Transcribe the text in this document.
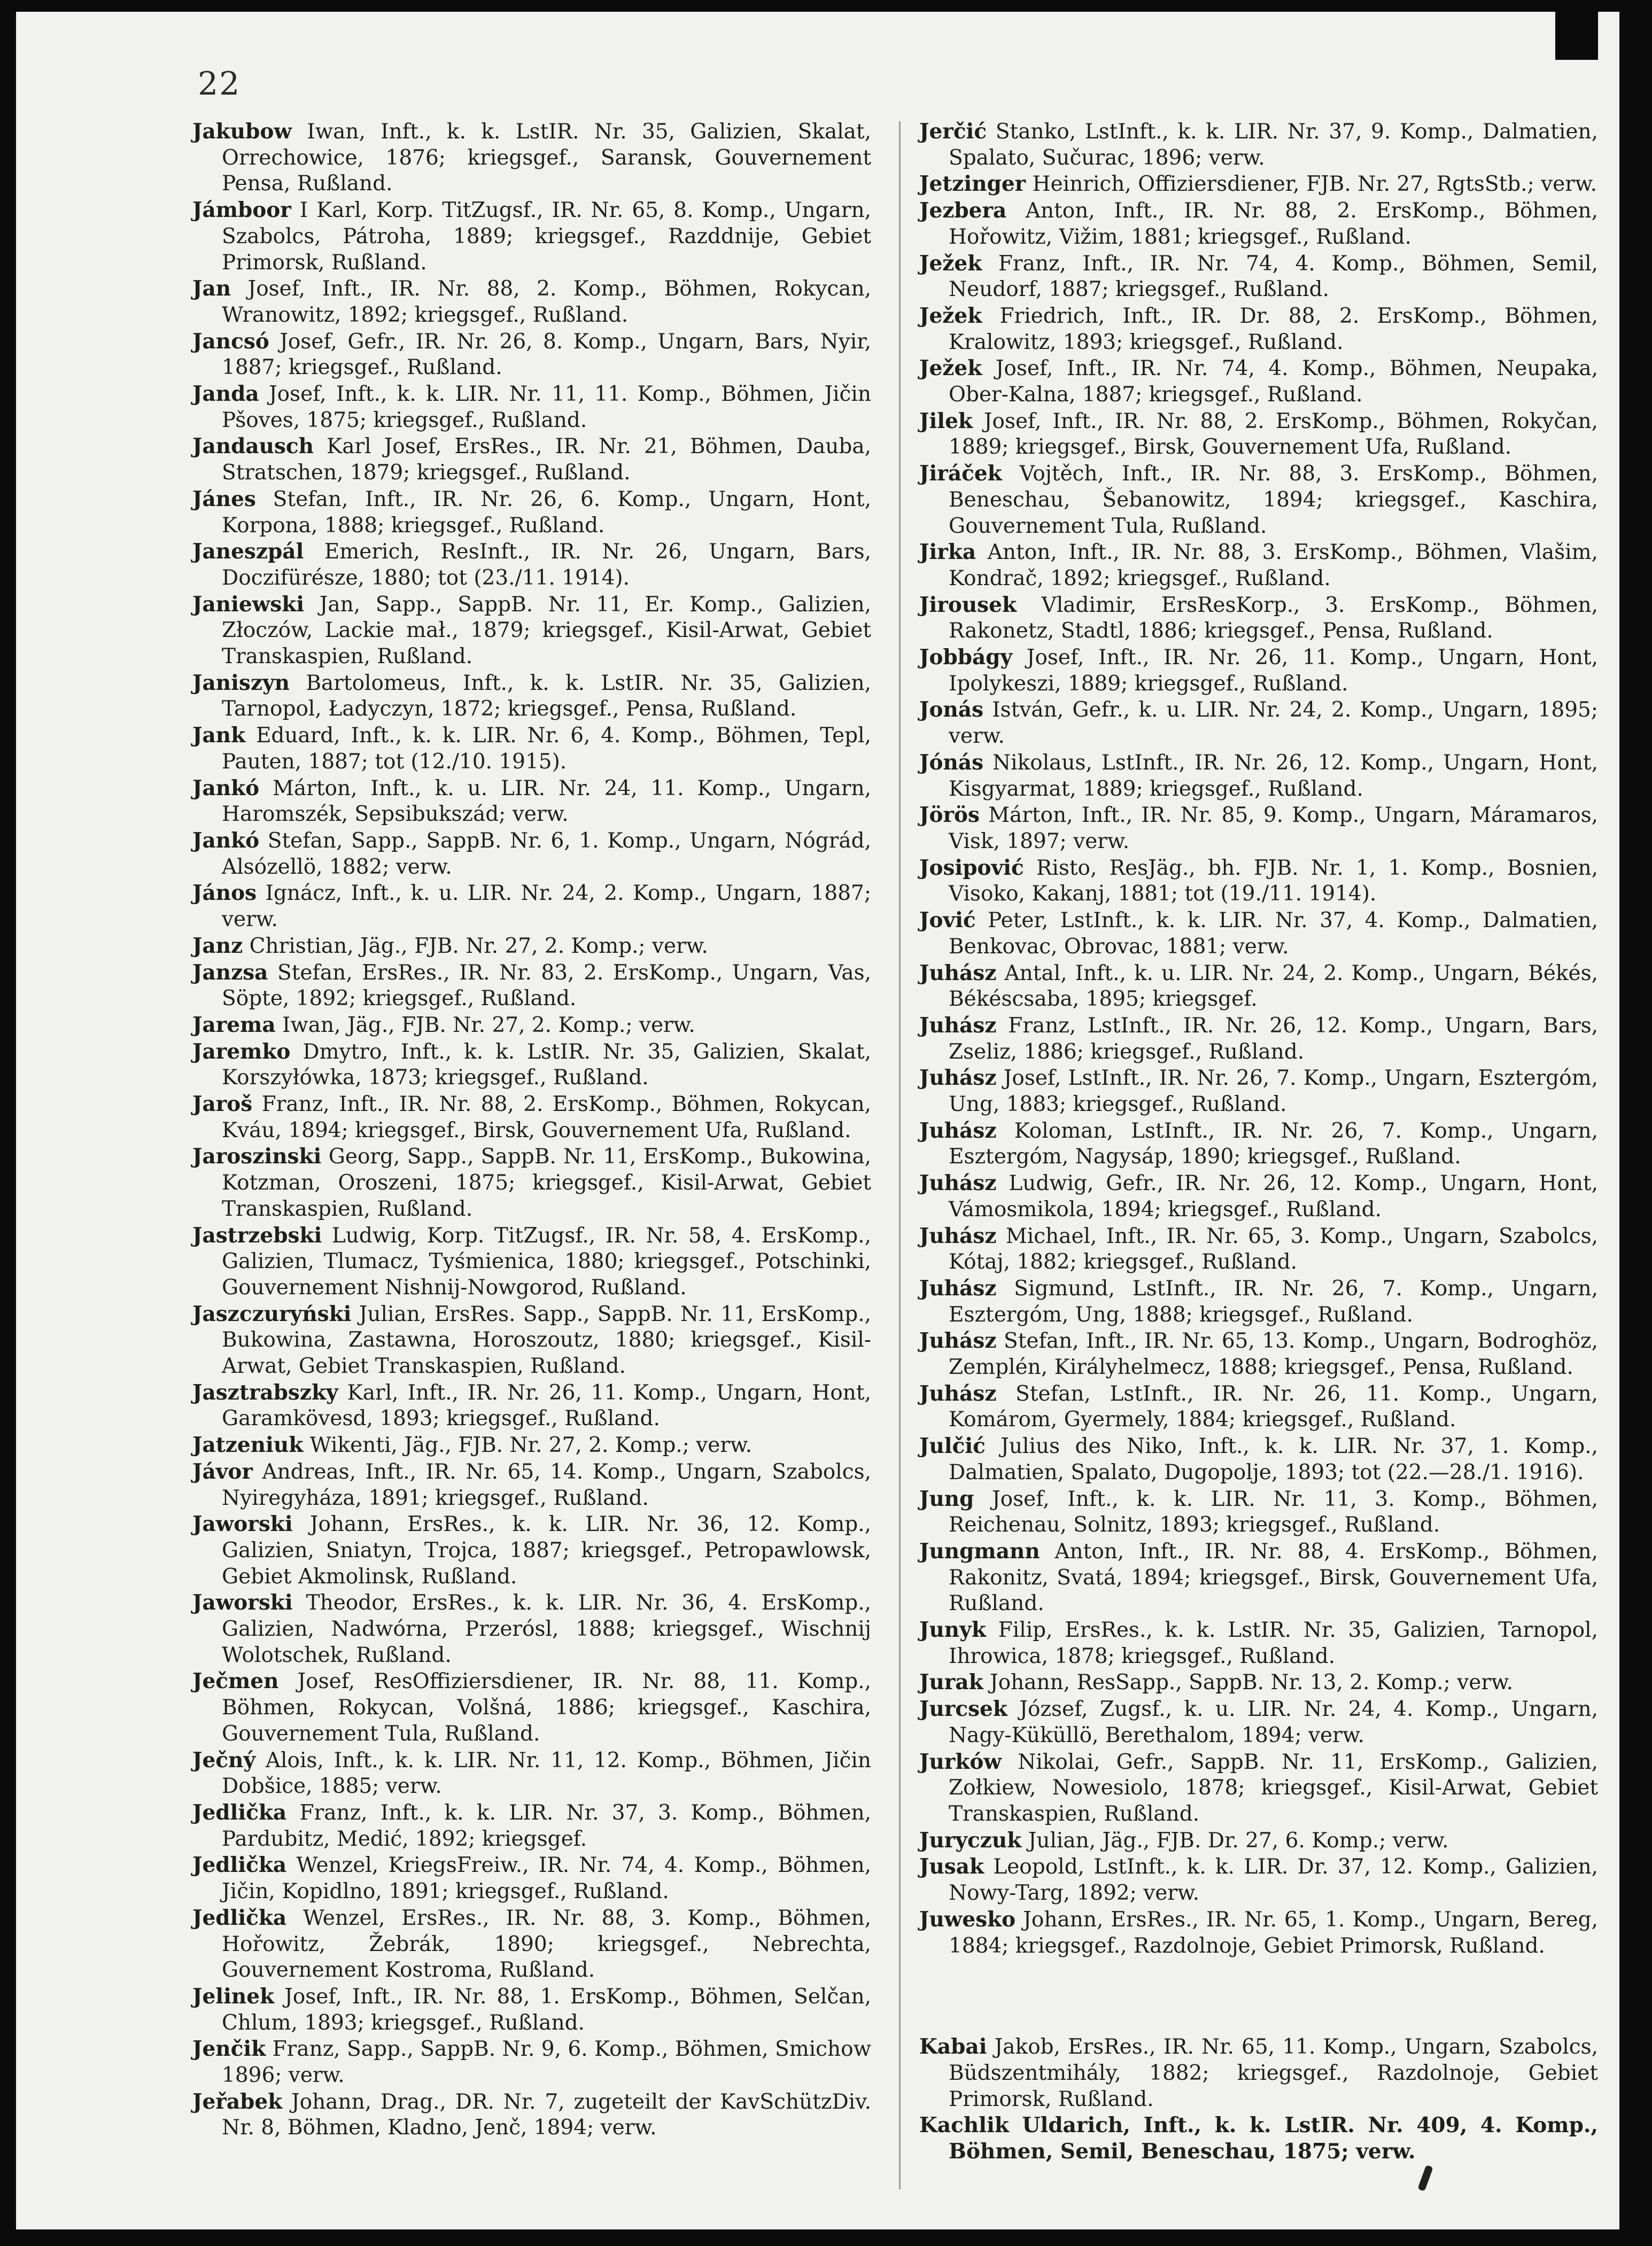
22
Jakubow Iwan, Inft., k. k. LstIR. Nr. 35, Galizien, Skalat, Orrechowice, 1876; kriegsgef., Saransk, Gouvernement Pensa, Rußland.
Jámboor I Karl, Korp. TitZugsf., IR. Nr. 65, 8. Komp., Ungarn, Szabolcs, Pátroha, 1889; kriegsgef., Razddnije, Gebiet Primorsk, Rußland.
Jan Josef, Inft., IR. Nr. 88, 2. Komp., Böhmen, Rokycan, Wranowitz, 1892; kriegsgef., Rußland.
Jancsó Josef, Gefr., IR. Nr. 26, 8. Komp., Ungarn, Bars, Nyir, 1887; kriegsgef., Rußland.
Janda Josef, Inft., k. k. LIR. Nr. 11, 11. Komp., Böhmen, Jičin Pšoves, 1875; kriegsgef., Rußland.
Jandausch Karl Josef, ErsRes., IR. Nr. 21, Böhmen, Dauba, Stratschen, 1879; kriegsgef., Rußland.
Jánes Stefan, Inft., IR. Nr. 26, 6. Komp., Ungarn, Hont, Korpona, 1888; kriegsgef., Rußland.
Janeszpál Emerich, ResInft., IR. Nr. 26, Ungarn, Bars, Doczifürésze, 1880; tot (23./11. 1914).
Janiewski Jan, Sapp., SappB. Nr. 11, Er. Komp., Galizien, Złoczów, Lackie mał., 1879; kriegsgef., Kisil-Arwat, Gebiet Transkaspien, Rußland.
Janiszyn Bartolomeus, Inft., k. k. LstIR. Nr. 35, Galizien, Tarnopol, Ładyczyn, 1872; kriegsgef., Pensa, Rußland.
Jank Eduard, Inft., k. k. LIR. Nr. 6, 4. Komp., Böhmen, Tepl, Pauten, 1887; tot (12./10. 1915).
Jankó Márton, Inft., k. u. LIR. Nr. 24, 11. Komp., Ungarn, Haromszék, Sepsibukszád; verw.
Jankó Stefan, Sapp., SappB. Nr. 6, 1. Komp., Ungarn, Nógrád, Alsózellö, 1882; verw.
János Ignácz, Inft., k. u. LIR. Nr. 24, 2. Komp., Ungarn, 1887; verw.
Janz Christian, Jäg., FJB. Nr. 27, 2. Komp.; verw.
Janzsa Stefan, ErsRes., IR. Nr. 83, 2. ErsKomp., Ungarn, Vas, Söpte, 1892; kriegsgef., Rußland.
Jarema Iwan, Jäg., FJB. Nr. 27, 2. Komp.; verw.
Jaremko Dmytro, Inft., k. k. LstIR. Nr. 35, Galizien, Skalat, Korszyłówka, 1873; kriegsgef., Rußland.
Jaroš Franz, Inft., IR. Nr. 88, 2. ErsKomp., Böhmen, Rokycan, Kváu, 1894; kriegsgef., Birsk, Gouvernement Ufa, Rußland.
Jaroszinski Georg, Sapp., SappB. Nr. 11, ErsKomp., Bukowina, Kotzman, Oroszeni, 1875; kriegsgef., Kisil-Arwat, Gebiet Transkaspien, Rußland.
Jastrzebski Ludwig, Korp. TitZugsf., IR. Nr. 58, 4. ErsKomp., Galizien, Tlumacz, Tyśmienica, 1880; kriegsgef., Potschinki, Gouvernement Nishnij-Nowgorod, Rußland.
Jaszczuryński Julian, ErsRes. Sapp., SappB. Nr. 11, ErsKomp., Bukowina, Zastawna, Horoszoutz, 1880; kriegsgef., Kisil-Arwat, Gebiet Transkaspien, Rußland.
Jasztrabszky Karl, Inft., IR. Nr. 26, 11. Komp., Ungarn, Hont, Garamkövesd, 1893; kriegsgef., Rußland.
Jatzeniuk Wikenti, Jäg., FJB. Nr. 27, 2. Komp.; verw.
Jávor Andreas, Inft., IR. Nr. 65, 14. Komp., Ungarn, Szabolcs, Nyiregyháza, 1891; kriegsgef., Rußland.
Jaworski Johann, ErsRes., k. k. LIR. Nr. 36, 12. Komp., Galizien, Sniatyn, Trojca, 1887; kriegsgef., Petropawlowsk, Gebiet Akmolinsk, Rußland.
Jaworski Theodor, ErsRes., k. k. LIR. Nr. 36, 4. ErsKomp., Galizien, Nadwórna, Przerósl, 1888; kriegsgef., Wischnij Wolotschek, Rußland.
Ječmen Josef, ResOffiziersdiener, IR. Nr. 88, 11. Komp., Böhmen, Rokycan, Volšná, 1886; kriegsgef., Kaschira, Gouvernement Tula, Rußland.
Ječný Alois, Inft., k. k. LIR. Nr. 11, 12. Komp., Böhmen, Jičin Dobšice, 1885; verw.
Jedlička Franz, Inft., k. k. LIR. Nr. 37, 3. Komp., Böhmen, Pardubitz, Medić, 1892; kriegsgef.
Jedlička Wenzel, KriegsFreiw., IR. Nr. 74, 4. Komp., Böhmen, Jičin, Kopidlno, 1891; kriegsgef., Rußland.
Jedlička Wenzel, ErsRes., IR. Nr. 88, 3. Komp., Böhmen, Hořowitz, Žebrák, 1890; kriegsgef., Nebrechta, Gouvernement Kostroma, Rußland.
Jelinek Josef, Inft., IR. Nr. 88, 1. ErsKomp., Böhmen, Selčan, Chlum, 1893; kriegsgef., Rußland.
Jenčik Franz, Sapp., SappB. Nr. 9, 6. Komp., Böhmen, Smichow 1896; verw.
Jeřabek Johann, Drag., DR. Nr. 7, zugeteilt der KavSchützDiv. Nr. 8, Böhmen, Kladno, Jenč, 1894; verw.
Jerčić Stanko, LstInft., k. k. LIR. Nr. 37, 9. Komp., Dalmatien, Spalato, Sučurac, 1896; verw.
Jetzinger Heinrich, Offiziersdiener, FJB. Nr. 27, RgtsStb.; verw.
Jezbera Anton, Inft., IR. Nr. 88, 2. ErsKomp., Böhmen, Hořowitz, Vižim, 1881; kriegsgef., Rußland.
Ježek Franz, Inft., IR. Nr. 74, 4. Komp., Böhmen, Semil, Neudorf, 1887; kriegsgef., Rußland.
Ježek Friedrich, Inft., IR. Dr. 88, 2. ErsKomp., Böhmen, Kralowitz, 1893; kriegsgef., Rußland.
Ježek Josef, Inft., IR. Nr. 74, 4. Komp., Böhmen, Neupaka, Ober-Kalna, 1887; kriegsgef., Rußland.
Jilek Josef, Inft., IR. Nr. 88, 2. ErsKomp., Böhmen, Rokyčan, 1889; kriegsgef., Birsk, Gouvernement Ufa, Rußland.
Jiráček Vojtěch, Inft., IR. Nr. 88, 3. ErsKomp., Böhmen, Beneschau, Šebanowitz, 1894; kriegsgef., Kaschira, Gouvernement Tula, Rußland.
Jirka Anton, Inft., IR. Nr. 88, 3. ErsKomp., Böhmen, Vlašim, Kondrač, 1892; kriegsgef., Rußland.
Jirousek Vladimir, ErsResKorp., 3. ErsKomp., Böhmen, Rakonetz, Stadtl, 1886; kriegsgef., Pensa, Rußland.
Jobbágy Josef, Inft., IR. Nr. 26, 11. Komp., Ungarn, Hont, Ipolykeszi, 1889; kriegsgef., Rußland.
Jonás István, Gefr., k. u. LIR. Nr. 24, 2. Komp., Ungarn, 1895; verw.
Jónás Nikolaus, LstInft., IR. Nr. 26, 12. Komp., Ungarn, Hont, Kisgyarmat, 1889; kriegsgef., Rußland.
Jörös Márton, Inft., IR. Nr. 85, 9. Komp., Ungarn, Máramaros, Visk, 1897; verw.
Josipović Risto, ResJäg., bh. FJB. Nr. 1, 1. Komp., Bosnien, Visoko, Kakanj, 1881; tot (19./11. 1914).
Jović Peter, LstInft., k. k. LIR. Nr. 37, 4. Komp., Dalmatien, Benkovac, Obrovac, 1881; verw.
Juhász Antal, Inft., k. u. LIR. Nr. 24, 2. Komp., Ungarn, Békés, Békéscsaba, 1895; kriegsgef.
Juhász Franz, LstInft., IR. Nr. 26, 12. Komp., Ungarn, Bars, Zseliz, 1886; kriegsgef., Rußland.
Juhász Josef, LstInft., IR. Nr. 26, 7. Komp., Ungarn, Esztergóm, Ung, 1883; kriegsgef., Rußland.
Juhász Koloman, LstInft., IR. Nr. 26, 7. Komp., Ungarn, Esztergóm, Nagysáp, 1890; kriegsgef., Rußland.
Juhász Ludwig, Gefr., IR. Nr. 26, 12. Komp., Ungarn, Hont, Vámosmikola, 1894; kriegsgef., Rußland.
Juhász Michael, Inft., IR. Nr. 65, 3. Komp., Ungarn, Szabolcs, Kótaj, 1882; kriegsgef., Rußland.
Juhász Sigmund, LstInft., IR. Nr. 26, 7. Komp., Ungarn, Esztergóm, Ung, 1888; kriegsgef., Rußland.
Juhász Stefan, Inft., IR. Nr. 65, 13. Komp., Ungarn, Bodroghöz, Zemplén, Királyhelmecz, 1888; kriegsgef., Pensa, Rußland.
Juhász Stefan, LstInft., IR. Nr. 26, 11. Komp., Ungarn, Komárom, Gyermely, 1884; kriegsgef., Rußland.
Julčić Julius des Niko, Inft., k. k. LIR. Nr. 37, 1. Komp., Dalmatien, Spalato, Dugopolje, 1893; tot (22.—28./1. 1916).
Jung Josef, Inft., k. k. LIR. Nr. 11, 3. Komp., Böhmen, Reichenau, Solnitz, 1893; kriegsgef., Rußland.
Jungmann Anton, Inft., IR. Nr. 88, 4. ErsKomp., Böhmen, Rakonitz, Svatá, 1894; kriegsgef., Birsk, Gouvernement Ufa, Rußland.
Junyk Filip, ErsRes., k. k. LstIR. Nr. 35, Galizien, Tarnopol, Ihrowica, 1878; kriegsgef., Rußland.
Jurak Johann, ResSapp., SappB. Nr. 13, 2. Komp.; verw.
Jurcsek József, Zugsf., k. u. LIR. Nr. 24, 4. Komp., Ungarn, Nagy-Küküllö, Berethalom, 1894; verw.
Jurków Nikolai, Gefr., SappB. Nr. 11, ErsKomp., Galizien, Zołkiew, Nowesiolo, 1878; kriegsgef., Kisil-Arwat, Gebiet Transkaspien, Rußland.
Juryczuk Julian, Jäg., FJB. Dr. 27, 6. Komp.; verw.
Jusak Leopold, LstInft., k. k. LIR. Dr. 37, 12. Komp., Galizien, Nowy-Targ, 1892; verw.
Juwesko Johann, ErsRes., IR. Nr. 65, 1. Komp., Ungarn, Bereg, 1884; kriegsgef., Razdolnoje, Gebiet Primorsk, Rußland.
Kabai Jakob, ErsRes., IR. Nr. 65, 11. Komp., Ungarn, Szabolcs, Büdszentmihály, 1882; kriegsgef., Razdolnoje, Gebiet Primorsk, Rußland.
Kachlik Uldarich, Inft., k. k. LstIR. Nr. 409, 4. Komp., Böhmen, Semil, Beneschau, 1875; verw.
